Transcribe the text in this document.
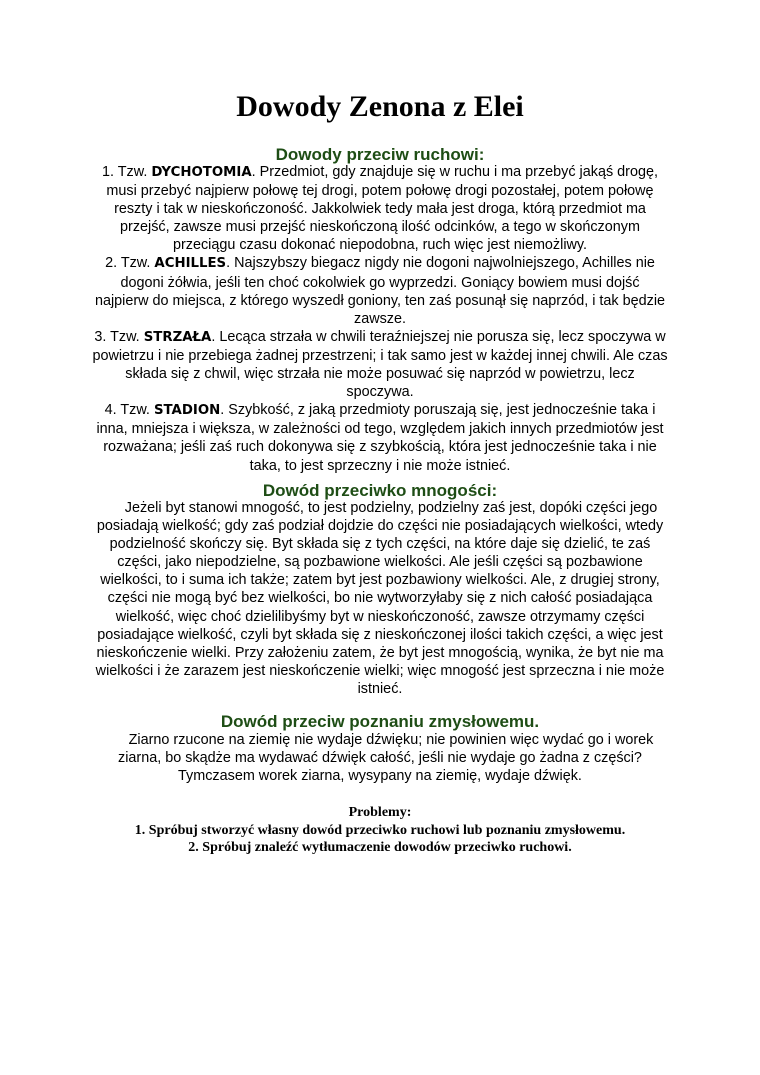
Dowody Zenona z Elei
Dowody przeciw ruchowi:

1. Tzw. DYCHOTOMIA. Przedmiot, gdy znajduje się w ruchu i ma przebyć jakąś drogę, musi przebyć najpierw połowę tej drogi, potem połowę drogi pozostałej, potem połowę reszty i tak w nieskończoność. Jakkolwiek tedy mała jest droga, którą przedmiot ma przejść, zawsze musi przejść nieskończoną ilość odcinków, a tego w skończonym przeciągu czasu dokonać niepodobna, ruch więc jest niemożliwy.

2. Tzw. ACHILLES. Najszybszy biegacz nigdy nie dogoni najwolniejszego, Achilles nie dogoni żółwia, jeśli ten choć cokolwiek go wyprzedzi. Goniący bowiem musi dojść najpierw do miejsca, z którego wyszedł goniony, ten zaś posunął się naprzód, i tak będzie zawsze.

3. Tzw. STRZAŁA. Lecąca strzała w chwili teraźniejszej nie porusza się, lecz spoczywa w powietrzu i nie przebiega żadnej przestrzeni; i tak samo jest w każdej innej chwili. Ale czas składa się z chwil, więc strzała nie może posuwać się naprzód w powietrzu, lecz spoczywa.

4. Tzw. STADION. Szybkość, z jaką przedmioty poruszają się, jest jednocześnie taka i inna, mniejsza i większa, w zależności od tego, względem jakich innych przedmiotów jest rozważana; jeśli zaś ruch dokonywa się z szybkością, która jest jednocześnie taka i nie taka, to jest sprzeczny i nie może istnieć.

Dowód przeciwko mnogości:

Jeżeli byt stanowi mnogość, to jest podzielny, podzielny zaś jest, dopóki części jego posiadają wielkość; gdy zaś podział dojdzie do części nie posiadających wielkości, wtedy podzielność skończy się. Byt składa się z tych części, na które daje się dzielić, te zaś części, jako niepodzielne, są pozbawione wielkości. Ale jeśli części są pozbawione wielkości, to i suma ich także; zatem byt jest pozbawiony wielkości. Ale, z drugiej strony, części nie mogą być bez wielkości, bo nie wytworzyłaby się z nich całość posiadająca wielkość, więc choć dzielilibyśmy byt w nieskończoność, zawsze otrzymamy części posiadające wielkość, czyli byt składa się z nieskończonej ilości takich części, a więc jest nieskończenie wielki. Przy założeniu zatem, że byt jest mnogością, wynika, że byt nie ma wielkości i że zarazem jest nieskończenie wielki; więc mnogość jest sprzeczna i nie może istnieć.

Dowód przeciw poznaniu zmysłowemu.

Ziarno rzucone na ziemię nie wydaje dźwięku; nie powinien więc wydać go i worek ziarna, bo skądże ma wydawać dźwięk całość, jeśli nie wydaje go żadna z części? Tymczasem worek ziarna, wysypany na ziemię, wydaje dźwięk.

Problemy:

1. Spróbuj stworzyć własny dowód przeciwko ruchowi lub poznaniu zmysłowemu.

2. Spróbuj znaleźć wytłumaczenie dowodów przeciwko ruchowi.
